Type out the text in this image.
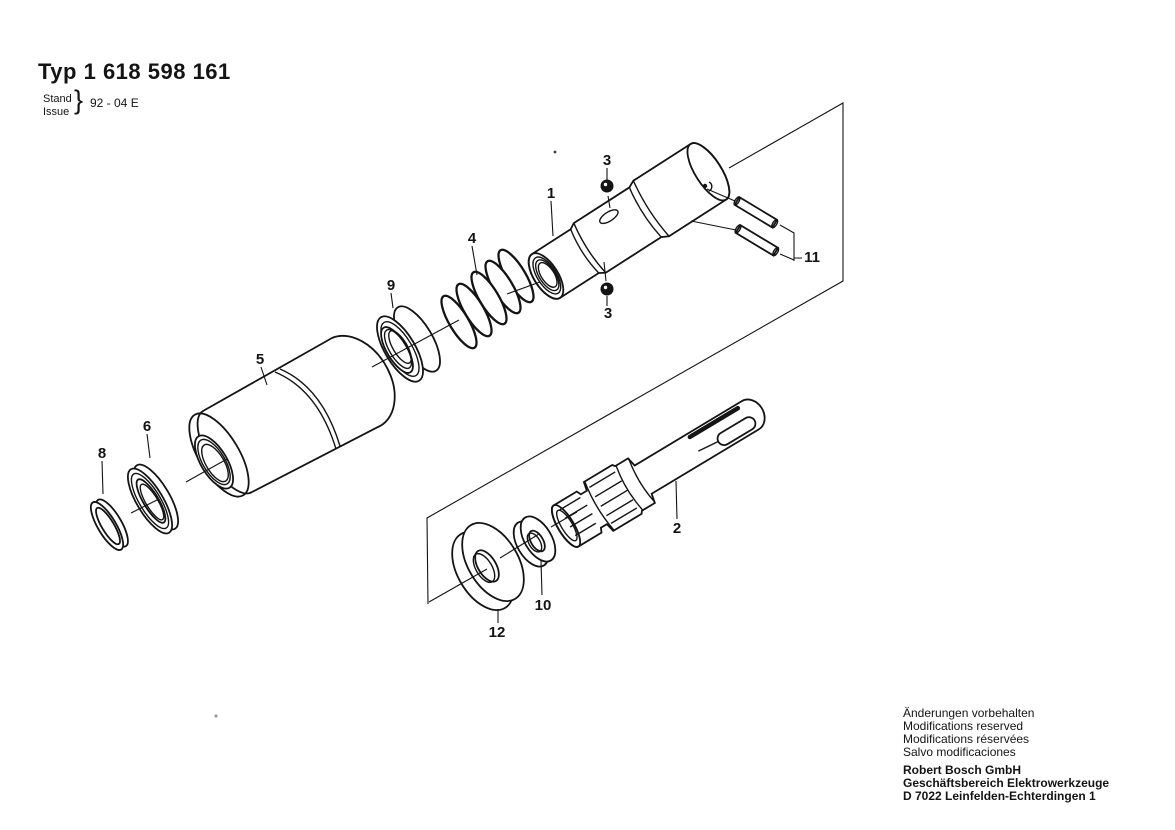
Typ 1 618 598 161
Stand
Issue } 92 - 04 E
1
3
3
4
9
5
6
8
11
2
10
12
Änderungen vorbehalten
Modifications reserved
Modifications réservées
Salvo modificaciones
Robert Bosch GmbH
Geschäftsbereich Elektrowerkzeuge
D 7022 Leinfelden-Echterdingen 1
